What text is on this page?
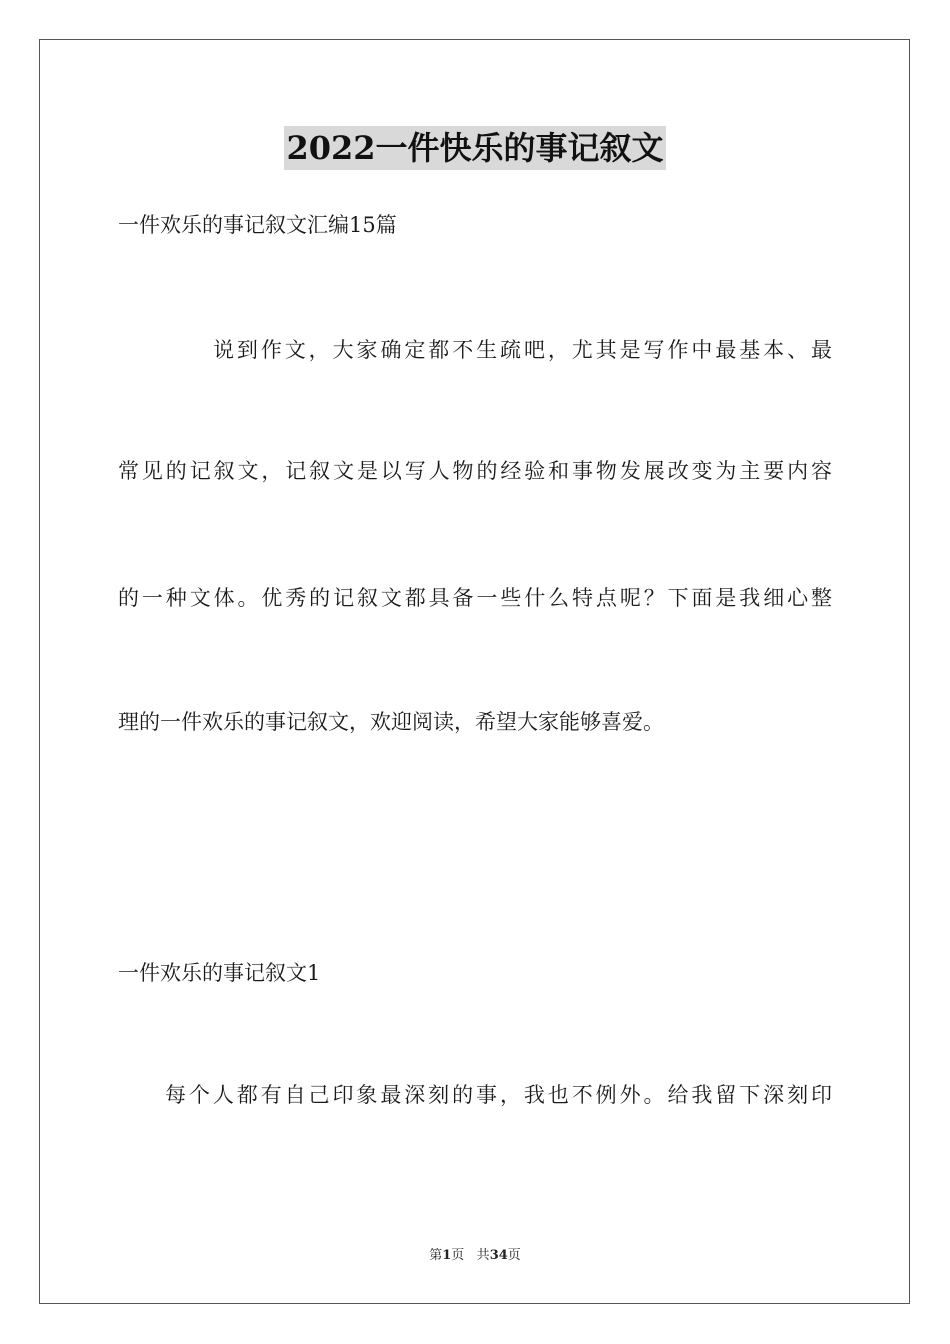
2022一件快乐的事记叙文
一件欢乐的事记叙文汇编15篇
说到作文，大家确定都不生疏吧，尤其是写作中最基本、最
常见的记叙文，记叙文是以写人物的经验和事物发展改变为主要内容
的一种文体。优秀的记叙文都具备一些什么特点呢？下面是我细心整
理的一件欢乐的事记叙文，欢迎阅读，希望大家能够喜爱。
一件欢乐的事记叙文1
每个人都有自己印象最深刻的事，我也不例外。给我留下深刻印
第1页 共34页
